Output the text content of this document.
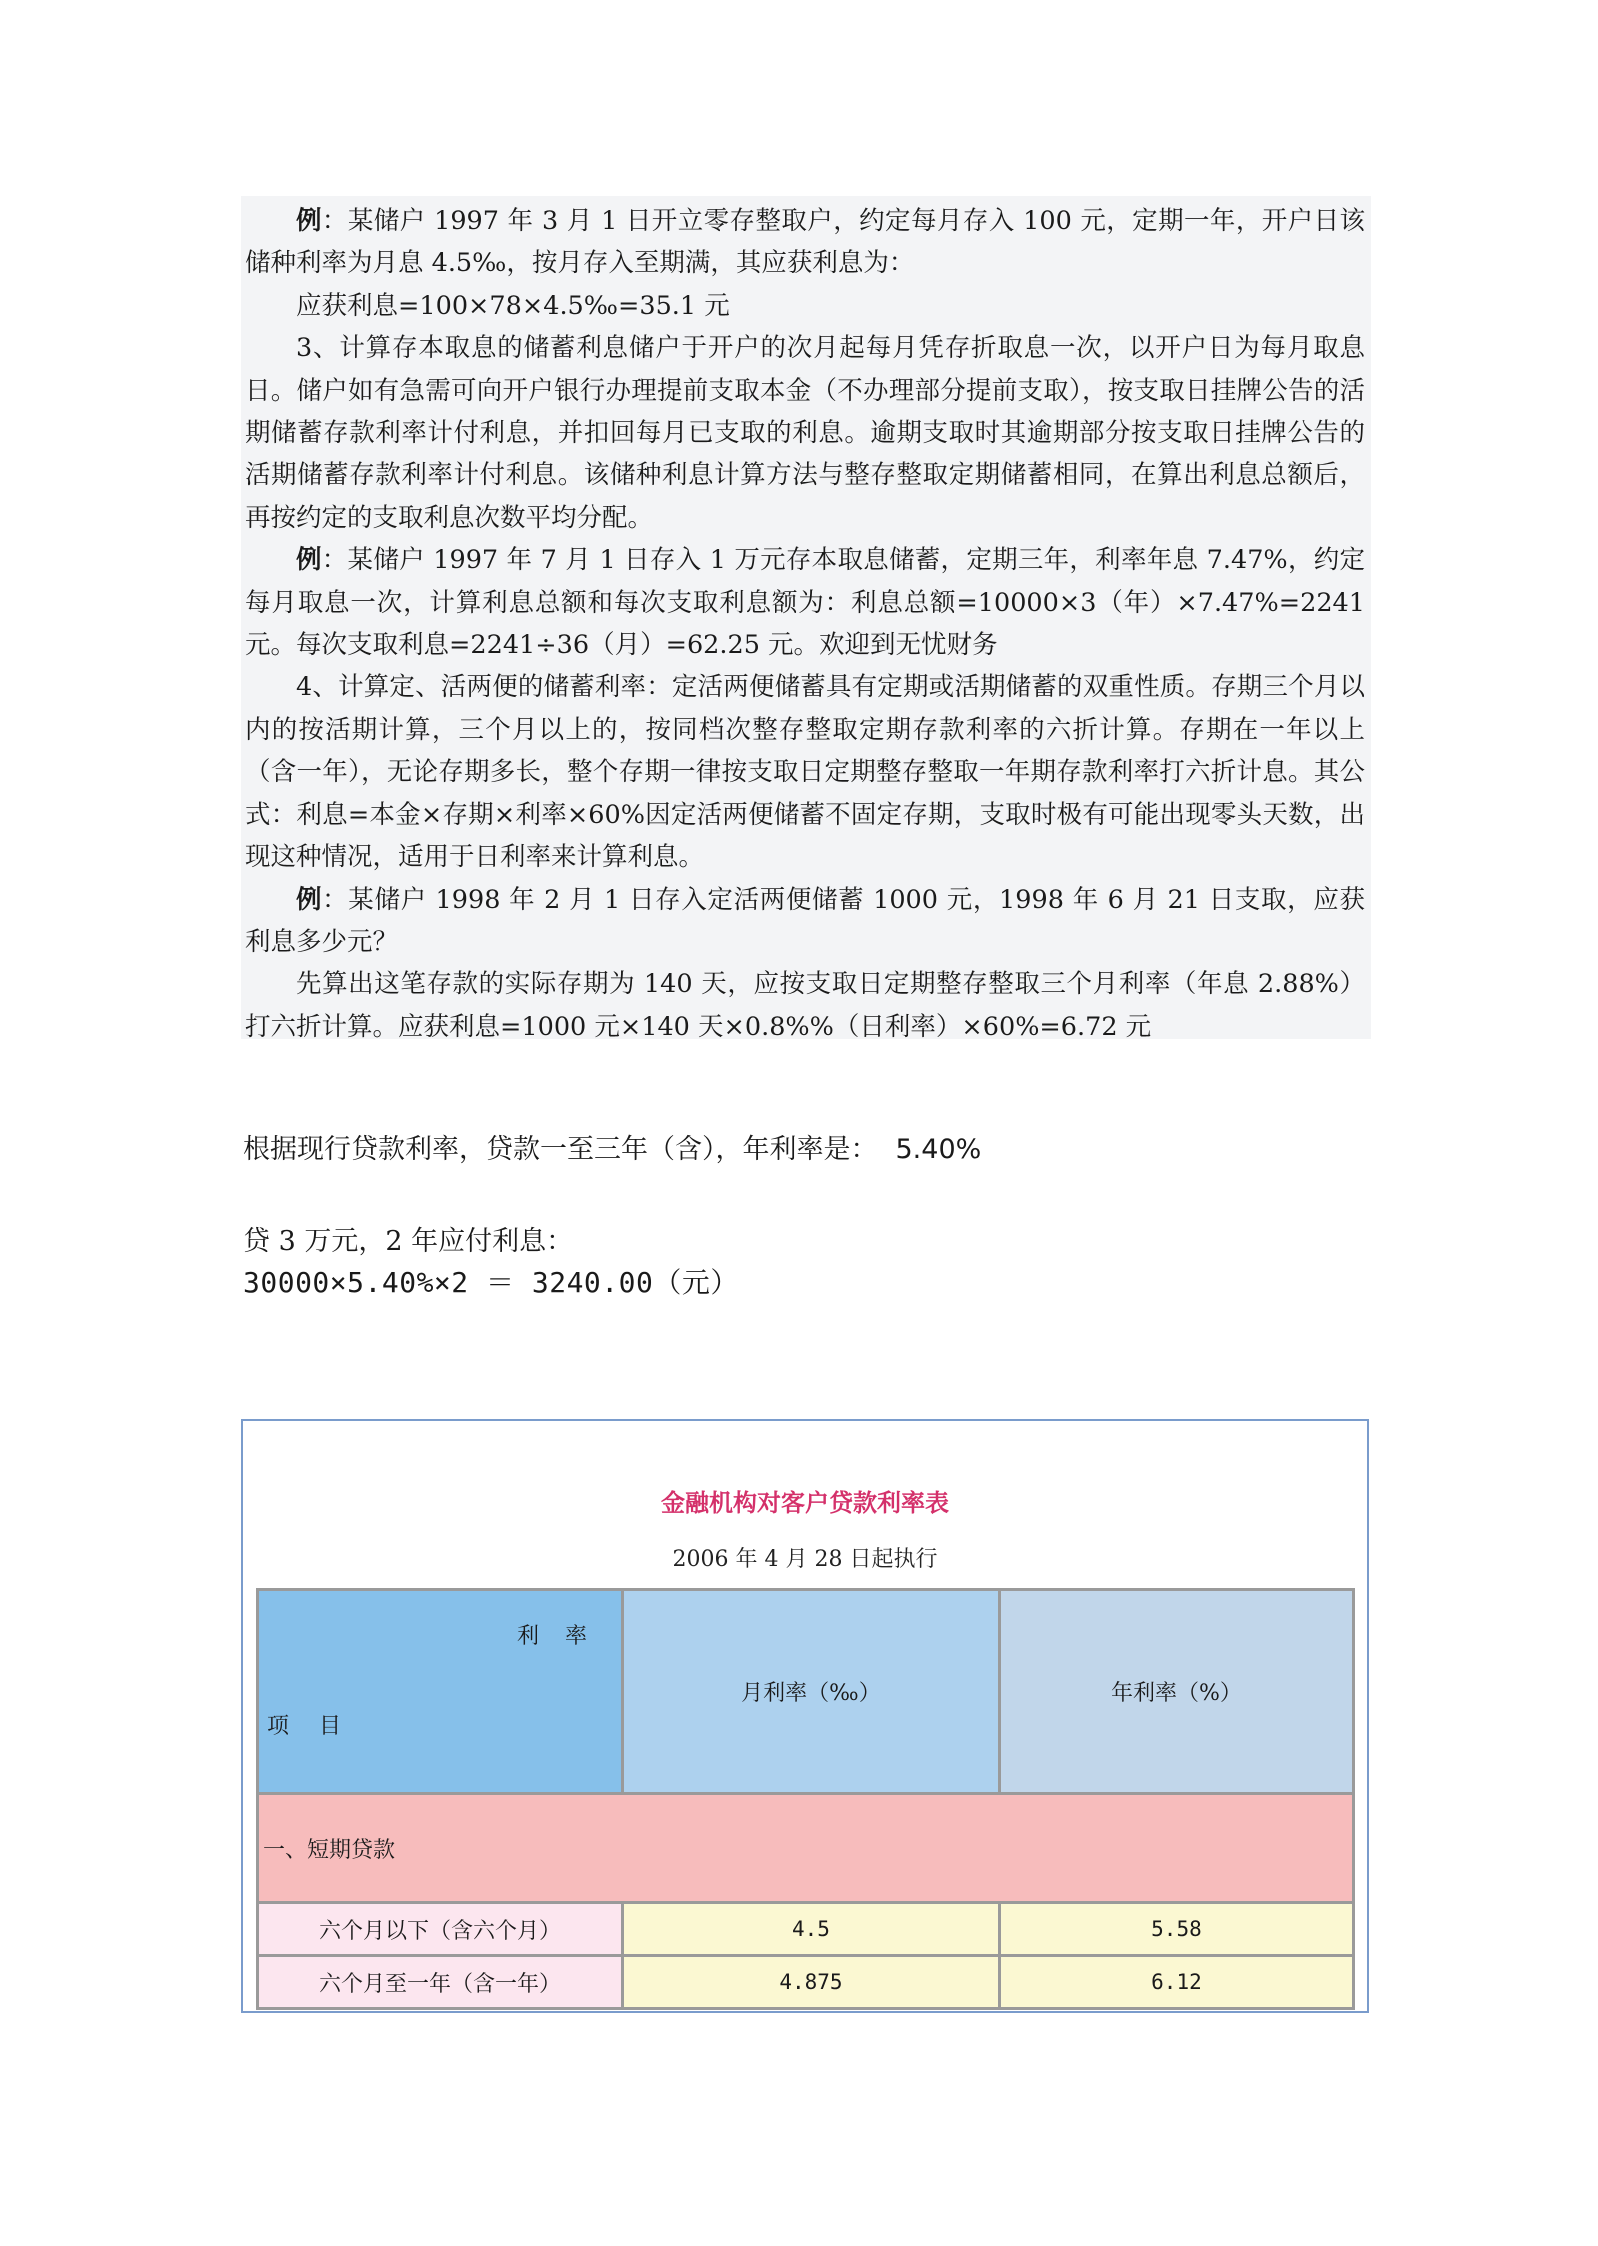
例：某储户 1997 年 3 月 1 日开立零存整取户，约定每月存入 100 元，定期一年，开户日该储种利率为月息 4.5‰，按月存入至期满，其应获利息为：

应获利息=100×78×4.5‰=35.1 元

3、计算存本取息的储蓄利息储户于开户的次月起每月凭存折取息一次，以开户日为每月取息日。储户如有急需可向开户银行办理提前支取本金（不办理部分提前支取），按支取日挂牌公告的活期储蓄存款利率计付利息，并扣回每月已支取的利息。逾期支取时其逾期部分按支取日挂牌公告的活期储蓄存款利率计付利息。该储种利息计算方法与整存整取定期储蓄相同，在算出利息总额后，再按约定的支取利息次数平均分配。

例：某储户 1997 年 7 月 1 日存入 1 万元存本取息储蓄，定期三年，利率年息 7.47%，约定每月取息一次，计算利息总额和每次支取利息额为：利息总额=10000×3（年）×7.47%=2241 元。每次支取利息=2241÷36（月）=62.25 元。欢迎到无忧财务

4、计算定、活两便的储蓄利率：定活两便储蓄具有定期或活期储蓄的双重性质。存期三个月以内的按活期计算，三个月以上的，按同档次整存整取定期存款利率的六折计算。存期在一年以上（含一年），无论存期多长，整个存期一律按支取日定期整存整取一年期存款利率打六折计息。其公式：利息=本金×存期×利率×60%因定活两便储蓄不固定存期，支取时极有可能出现零头天数，出现这种情况，适用于日利率来计算利息。

例：某储户 1998 年 2 月 1 日存入定活两便储蓄 1000 元，1998 年 6 月 21 日支取，应获利息多少元？

先算出这笔存款的实际存期为 140 天，应按支取日定期整存整取三个月利率（年息 2.88%）打六折计算。应获利息=1000 元×140 天×0.8%%（日利率）×60%=6.72 元

根据现行贷款利率，贷款一至三年（含），年利率是： 5.40%
贷 3 万元，2 年应付利息：
30000×5.40%×2 ＝ 3240.00（元）
金融机构对客户贷款利率表
2006 年 4 月 28 日起执行
利率
项目	月利率（‰）	年利率（%）
一、短期贷款		
六个月以下（含六个月）	4.5	5.58
六个月至一年（含一年）	4.875	6.12
